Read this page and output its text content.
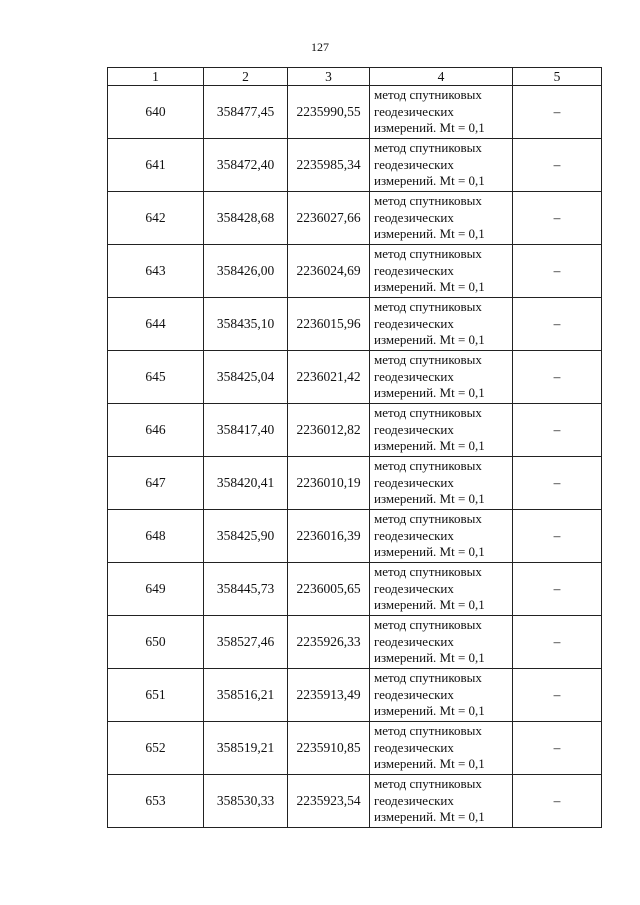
127
1	2	3	4	5
640	358477,45	2235990,55	метод спутниковых
геодезических
измерений. Mt = 0,1	–
641	358472,40	2235985,34	метод спутниковых
геодезических
измерений. Mt = 0,1	–
642	358428,68	2236027,66	метод спутниковых
геодезических
измерений. Mt = 0,1	–
643	358426,00	2236024,69	метод спутниковых
геодезических
измерений. Mt = 0,1	–
644	358435,10	2236015,96	метод спутниковых
геодезических
измерений. Mt = 0,1	–
645	358425,04	2236021,42	метод спутниковых
геодезических
измерений. Mt = 0,1	–
646	358417,40	2236012,82	метод спутниковых
геодезических
измерений. Mt = 0,1	–
647	358420,41	2236010,19	метод спутниковых
геодезических
измерений. Mt = 0,1	–
648	358425,90	2236016,39	метод спутниковых
геодезических
измерений. Mt = 0,1	–
649	358445,73	2236005,65	метод спутниковых
геодезических
измерений. Mt = 0,1	–
650	358527,46	2235926,33	метод спутниковых
геодезических
измерений. Mt = 0,1	–
651	358516,21	2235913,49	метод спутниковых
геодезических
измерений. Mt = 0,1	–
652	358519,21	2235910,85	метод спутниковых
геодезических
измерений. Mt = 0,1	–
653	358530,33	2235923,54	метод спутниковых
геодезических
измерений. Mt = 0,1	–
